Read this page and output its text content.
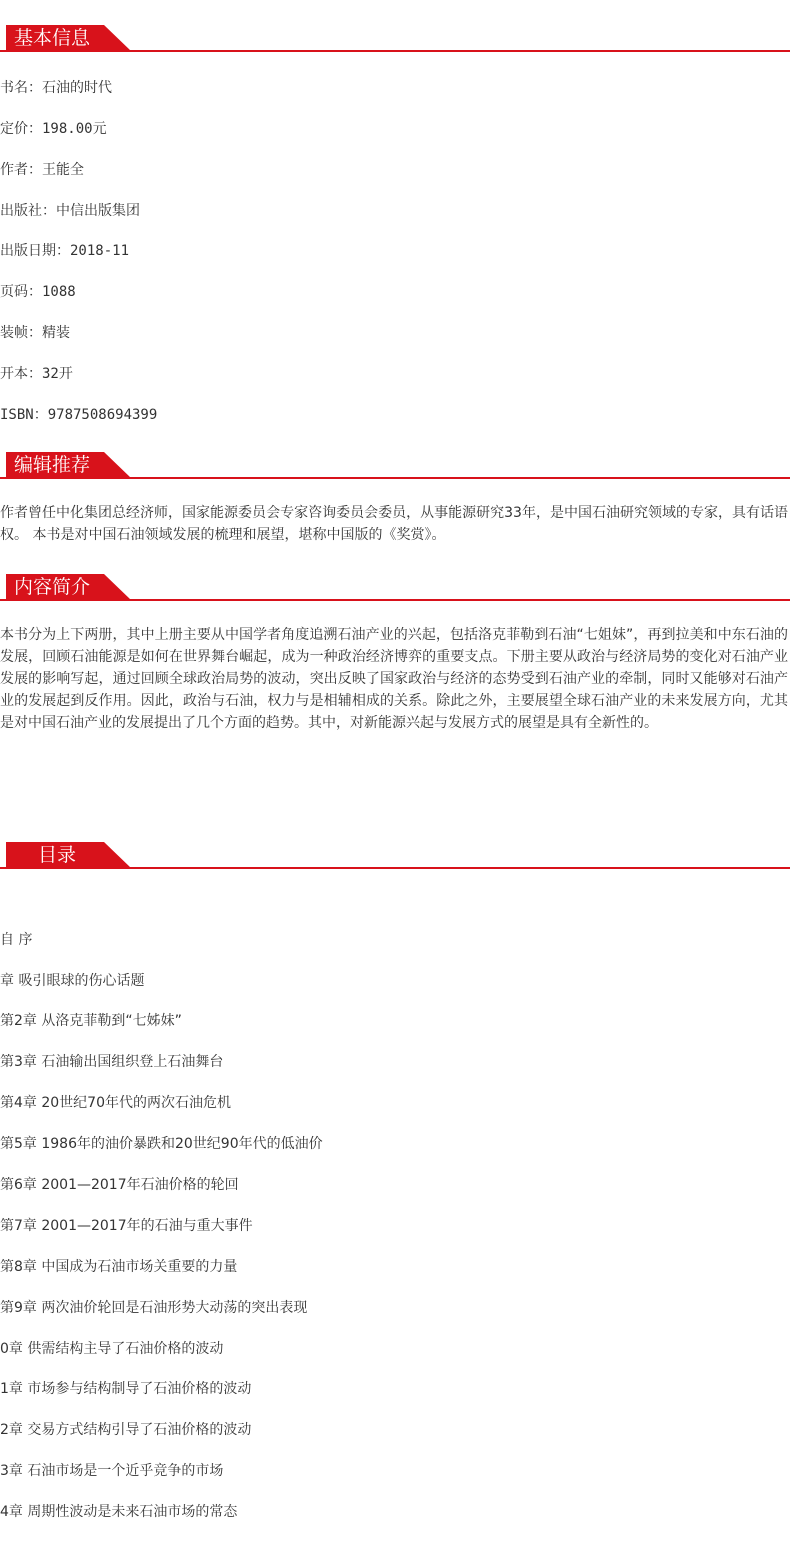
基本信息
书名：石油的时代
定价：198.00元
作者：王能全
出版社：中信出版集团
出版日期：2018-11
页码：1088
装帧：精装
开本：32开
ISBN：9787508694399
编辑推荐
作者曾任中化集团总经济师，国家能源委员会专家咨询委员会委员，从事能源研究33年，是中国石油研究领域的专家，具有话语权。 本书是对中国石油领域发展的梳理和展望，堪称中国版的《奖赏》。
内容简介
本书分为上下两册，其中上册主要从中国学者角度追溯石油产业的兴起，包括洛克菲勒到石油“七姐妹”，再到拉美和中东石油的发展，回顾石油能源是如何在世界舞台崛起，成为一种政治经济博弈的重要支点。下册主要从政治与经济局势的变化对石油产业发展的影响写起，通过回顾全球政治局势的波动，突出反映了国家政治与经济的态势受到石油产业的牵制，同时又能够对石油产业的发展起到反作用。因此，政治与石油，权力与是相辅相成的关系。除此之外，主要展望全球石油产业的未来发展方向，尤其是对中国石油产业的发展提出了几个方面的趋势。其中，对新能源兴起与发展方式的展望是具有全新性的。
目录
自 序
章 吸引眼球的伤心话题
第2章 从洛克菲勒到“七姊妹”
第3章 石油输出国组织登上石油舞台
第4章 20世纪70年代的两次石油危机
第5章 1986年的油价暴跌和20世纪90年代的低油价
第6章 2001—2017年石油价格的轮回
第7章 2001—2017年的石油与重大事件
第8章 中国成为石油市场关重要的力量
第9章 两次油价轮回是石油形势大动荡的突出表现
0章 供需结构主导了石油价格的波动
1章 市场参与结构制导了石油价格的波动
2章 交易方式结构引导了石油价格的波动
3章 石油市场是一个近乎竞争的市场
4章 周期性波动是未来石油市场的常态
